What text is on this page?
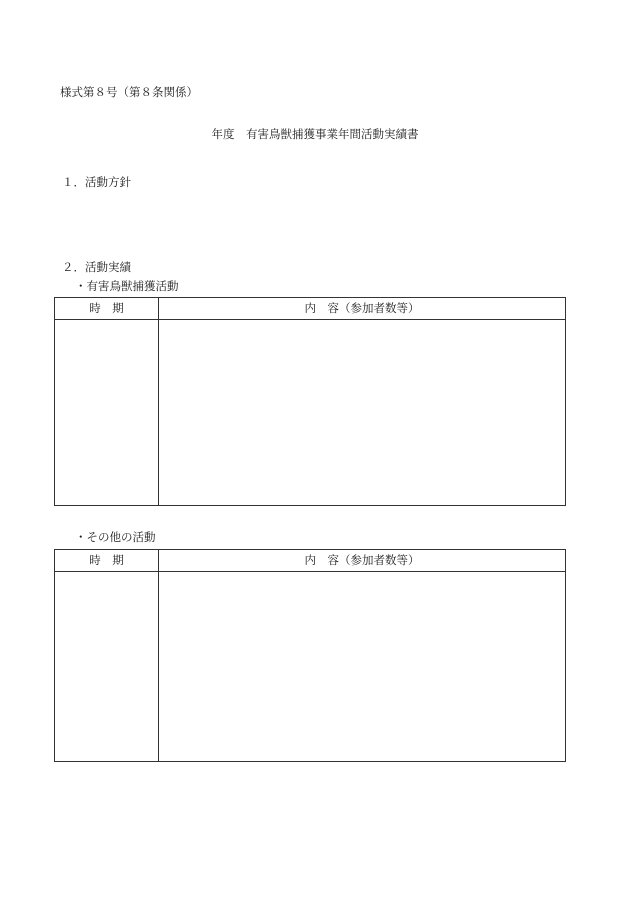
様式第８号（第８条関係）
年度　有害鳥獣捕獲事業年間活動実績書
１．活動方針
２．活動実績
・有害鳥獣捕獲活動
時　期	内　容（参加者数等）

・その他の活動
時　期	内　容（参加者数等）
